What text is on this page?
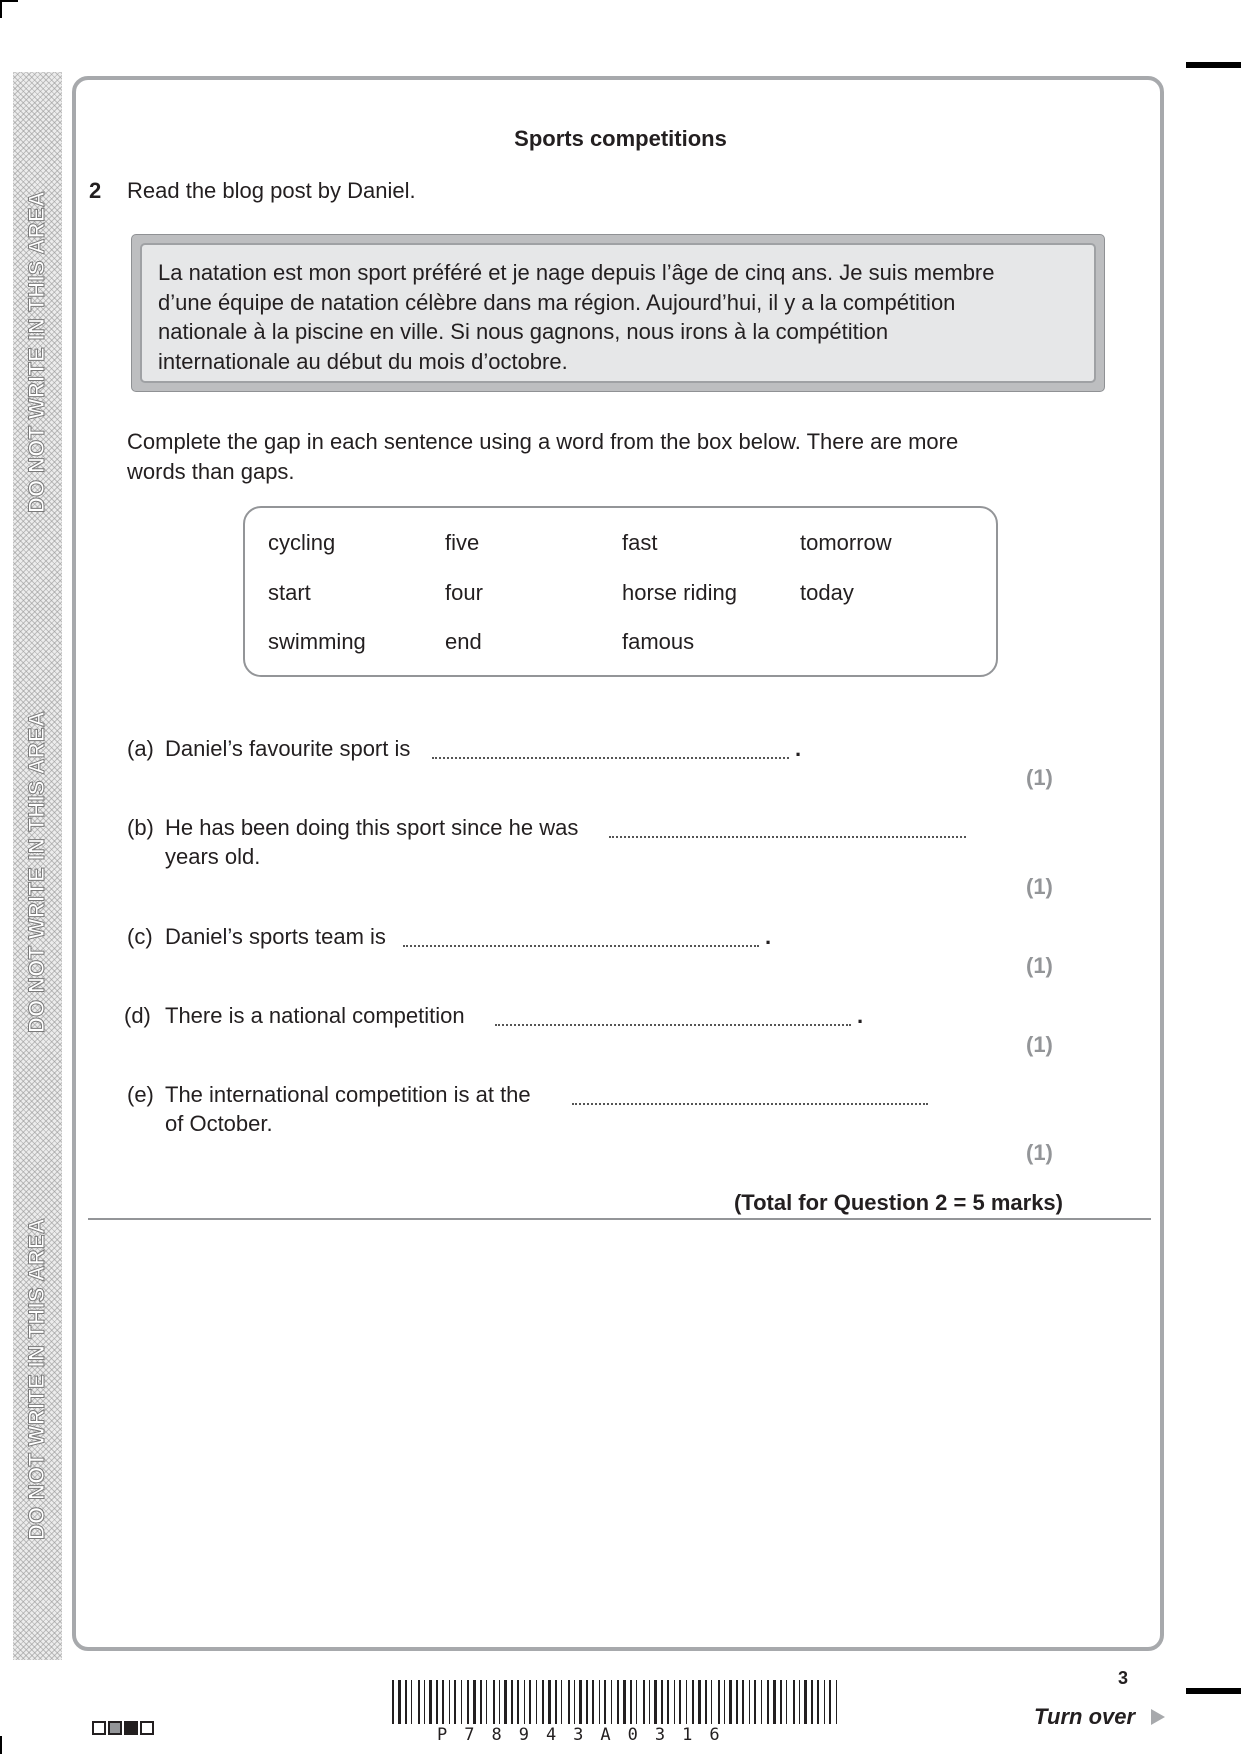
DO NOT WRITE IN THIS AREA
DO NOT WRITE IN THIS AREA
DO NOT WRITE IN THIS AREA
Sports competitions
2 Read the blog post by Daniel.
La natation est mon sport préféré et je nage depuis l’âge de cinq ans. Je suis membre
d’une équipe de natation célèbre dans ma région. Aujourd’hui, il y a la compétition
nationale à la piscine en ville. Si nous gagnons, nous irons à la compétition
internationale au début du mois d’octobre.
Complete the gap in each sentence using a word from the box below. There are more
words than gaps.
cycling	five	fast	tomorrow
start	four	horse riding	today
swimming	end	famous
(a) Daniel’s favourite sport is	.
(1)
(b) He has been doing this sport since he was
years old.
(1)
(c) Daniel’s sports team is	.
(1)
(d) There is a national competition	.
(1)
(e) The international competition is at the
of October.
(1)
(Total for Question 2 = 5 marks)
P78943A0316
3
Turn over
